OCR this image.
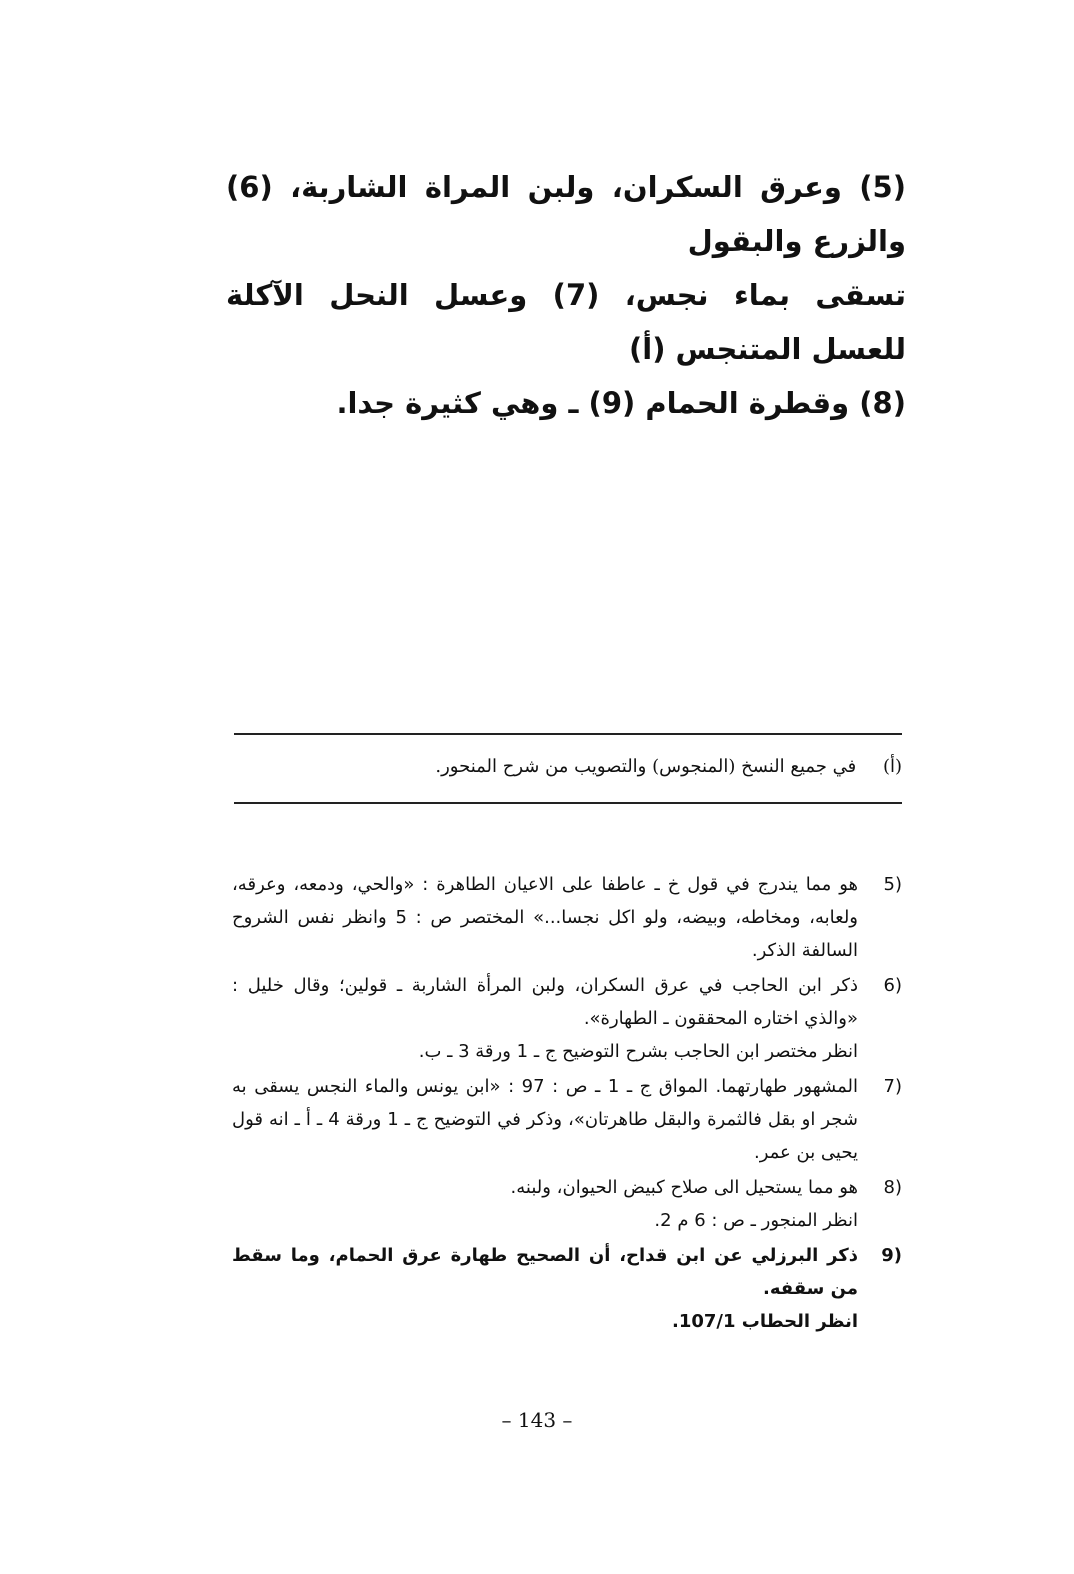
(5) وعرق السكران، ولبن المراة الشاربة، (6) والزرع والبقول

تسقى بماء نجس، (7) وعسل النحل الآكلة للعسل المتنجس (أ)

(8) وقطرة الحمام (9) ـ وهي كثيرة جدا.

(أ) في جميع النسخ (المنجوس) والتصويب من شرح المنحور.
(5

هو مما يندرج في قول خ ـ عاطفا على الاعيان الطاهرة : «والحي، ودمعه، وعرقه، ولعابه، ومخاطه، وبيضه، ولو اكل نجسا...» المختصر ص : 5 وانظر نفس الشروح السالفة الذكر.

(6

ذكر ابن الحاجب في عرق السكران، ولبن المرأة الشاربة ـ قولين؛ وقال خليل : «والذي اختاره المحققون ـ الطهارة».

انظر مختصر ابن الحاجب بشرح التوضيح ج ـ 1 ورقة 3 ـ ب.

(7

المشهور طهارتهما. المواق ج ـ 1 ـ ص : 97 : «ابن يونس والماء النجس يسقى به شجر او بقل فالثمرة والبقل طاهرتان»، وذكر في التوضيح ج ـ 1 ورقة 4 ـ أ ـ انه قول يحيى بن عمر.

(8

هو مما يستحيل الى صلاح كبيض الحيوان، ولبنه.

انظر المنجور ـ ص : 6 م 2.

(9

ذكر البرزلي عن ابن قداح، أن الصحيح طهارة عرق الحمام، وما سقط من سقفه.

انظر الحطاب 107/1.

– 143 –
